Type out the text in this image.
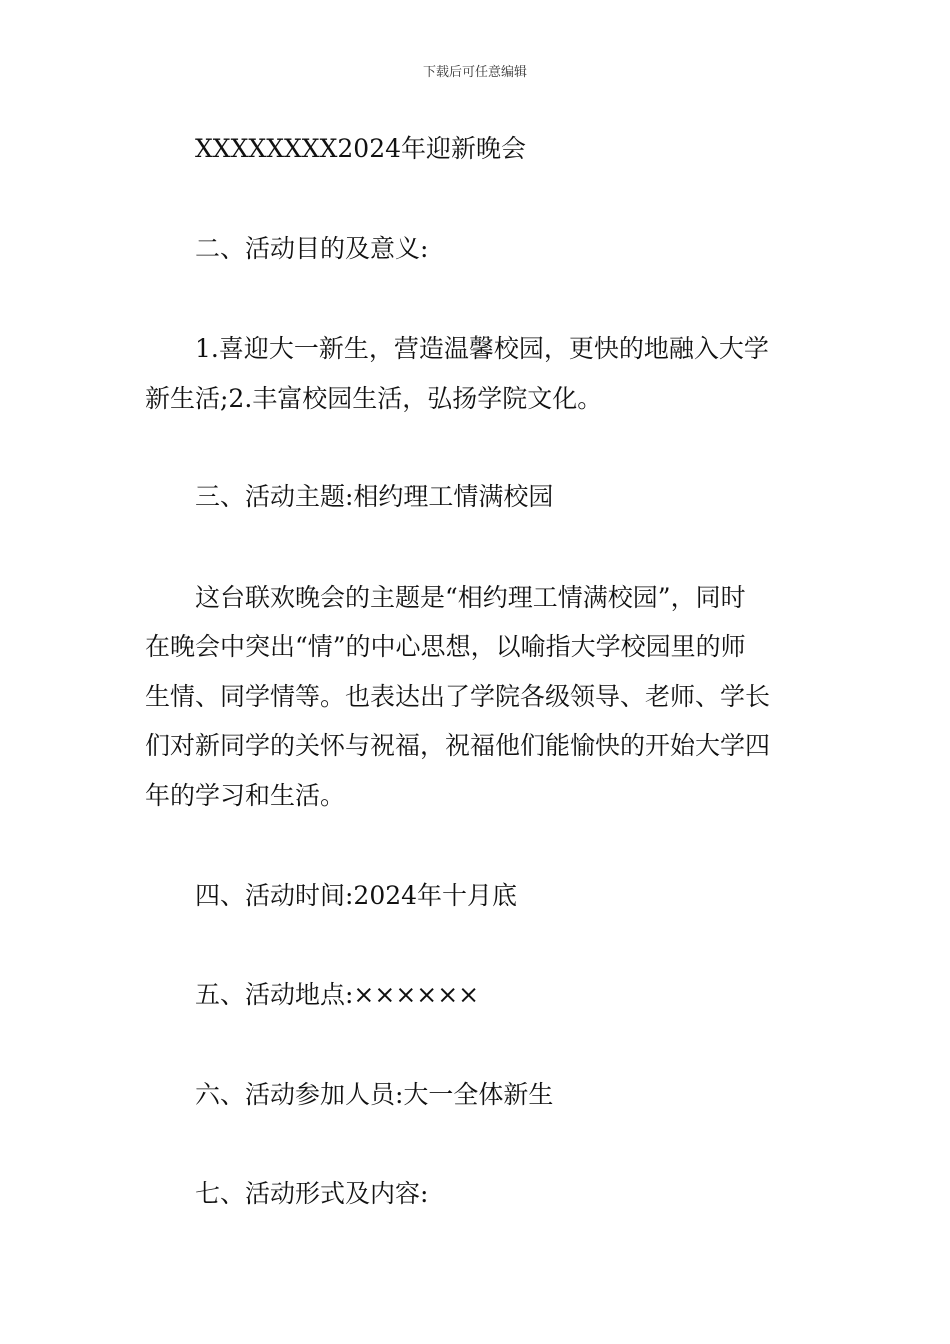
下载后可任意编辑
XXXXXXXX2024年迎新晚会
二、活动目的及意义:
1.喜迎大一新生，营造温馨校园，更快的地融入大学
新生活;2.丰富校园生活，弘扬学院文化。
三、活动主题:相约理工情满校园
这台联欢晚会的主题是“相约理工情满校园”，同时
在晚会中突出“情”的中心思想，以喻指大学校园里的师
生情、同学情等。也表达出了学院各级领导、老师、学长
们对新同学的关怀与祝福，祝福他们能愉快的开始大学四
年的学习和生活。
四、活动时间:2024年十月底
五、活动地点:××××××
六、活动参加人员:大一全体新生
七、活动形式及内容:
